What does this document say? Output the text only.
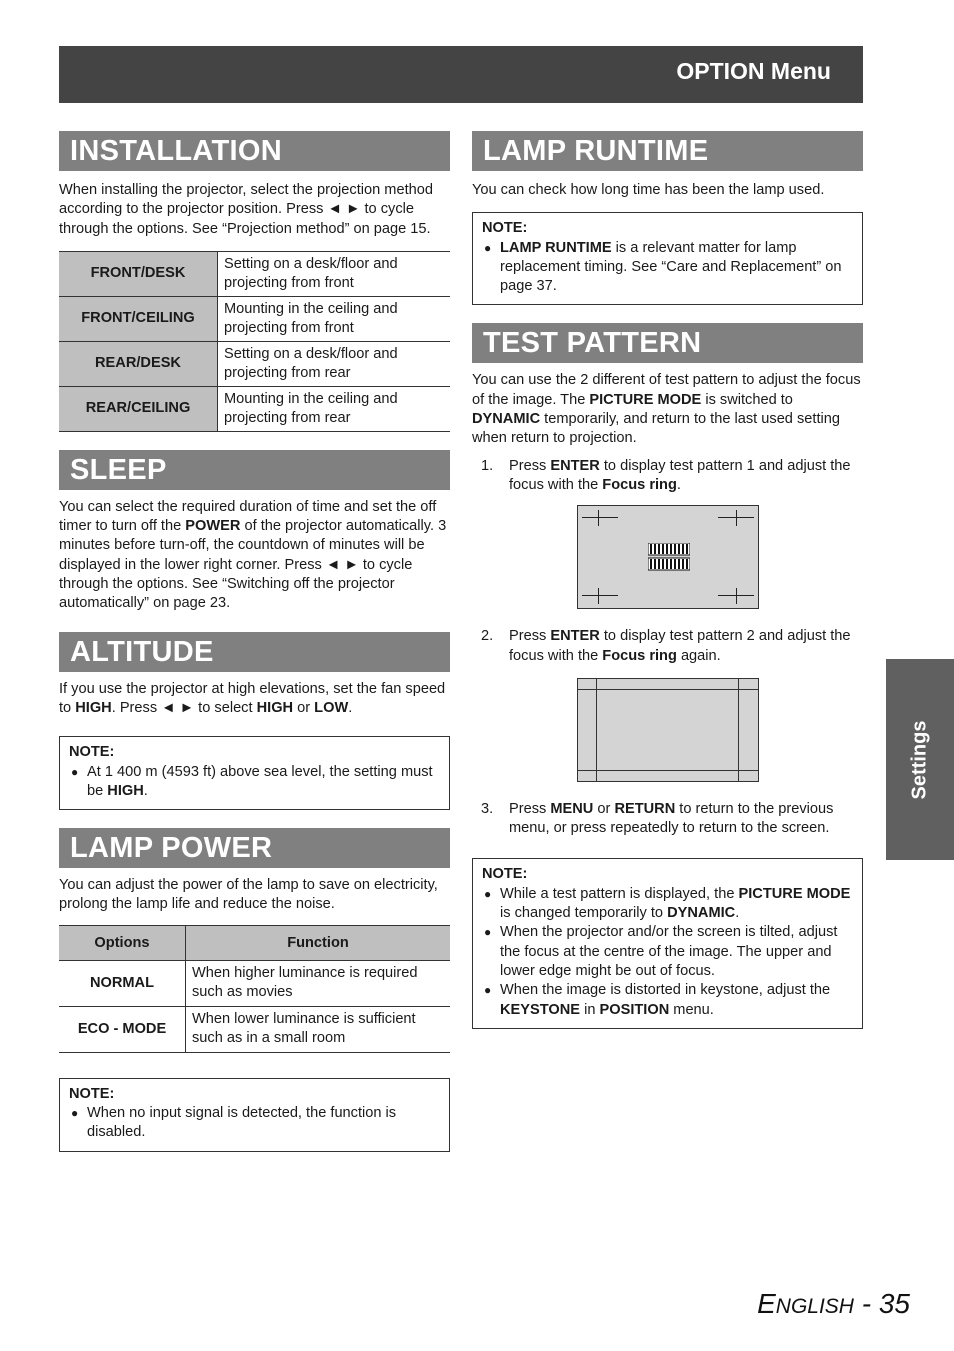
OPTION Menu
INSTALLATION

When installing the projector, select the projection method according to the projector position. Press ◄ ► to cycle through the options. See “Projection method” on page 15.

FRONT/DESK	Setting on a desk/floor and projecting from front
FRONT/CEILING	Mounting in the ceiling and projecting from front
REAR/DESK	Setting on a desk/floor and projecting from rear
REAR/CEILING	Mounting in the ceiling and projecting from rear
SLEEP

You can select the required duration of time and set the off timer to turn off the POWER of the projector automatically. 3 minutes before turn-off, the countdown of minutes will be displayed in the lower right corner. Press ◄ ► to cycle through the options. See “Switching off the projector automatically” on page 23.

ALTITUDE

If you use the projector at high elevations, set the fan speed to HIGH. Press ◄ ► to select HIGH or LOW.

NOTE:
● At 1 400 m (4593 ft) above sea level, the setting must be HIGH.
LAMP POWER

You can adjust the power of the lamp to save on electricity, prolong the lamp life and reduce the noise.

Options	Function
NORMAL	When higher luminance is required such as movies
ECO - MODE	When lower luminance is sufficient such as in a small room
NOTE:
● When no input signal is detected, the function is disabled.
LAMP RUNTIME

You can check how long time has been the lamp used.

NOTE:
● LAMP RUNTIME is a relevant matter for lamp replacement timing. See “Care and Replacement” on page 37.
TEST PATTERN

You can use the 2 different of test pattern to adjust the focus of the image. The PICTURE MODE is switched to DYNAMIC temporarily, and return to the last used setting when return to projection.

1. Press ENTER to display test pattern 1 and adjust the focus with the Focus ring.
2. Press ENTER to display test pattern 2 and adjust the focus with the Focus ring again.
3. Press MENU or RETURN to return to the previous menu, or press repeatedly to return to the screen.
NOTE:
● While a test pattern is displayed, the PICTURE MODE is changed temporarily to DYNAMIC.
● When the projector and/or the screen is tilted, adjust the focus at the centre of the image. The upper and lower edge might be out of focus.
● When the image is distorted in keystone, adjust the KEYSTONE in POSITION menu.
Settings
ENGLISH - 35
